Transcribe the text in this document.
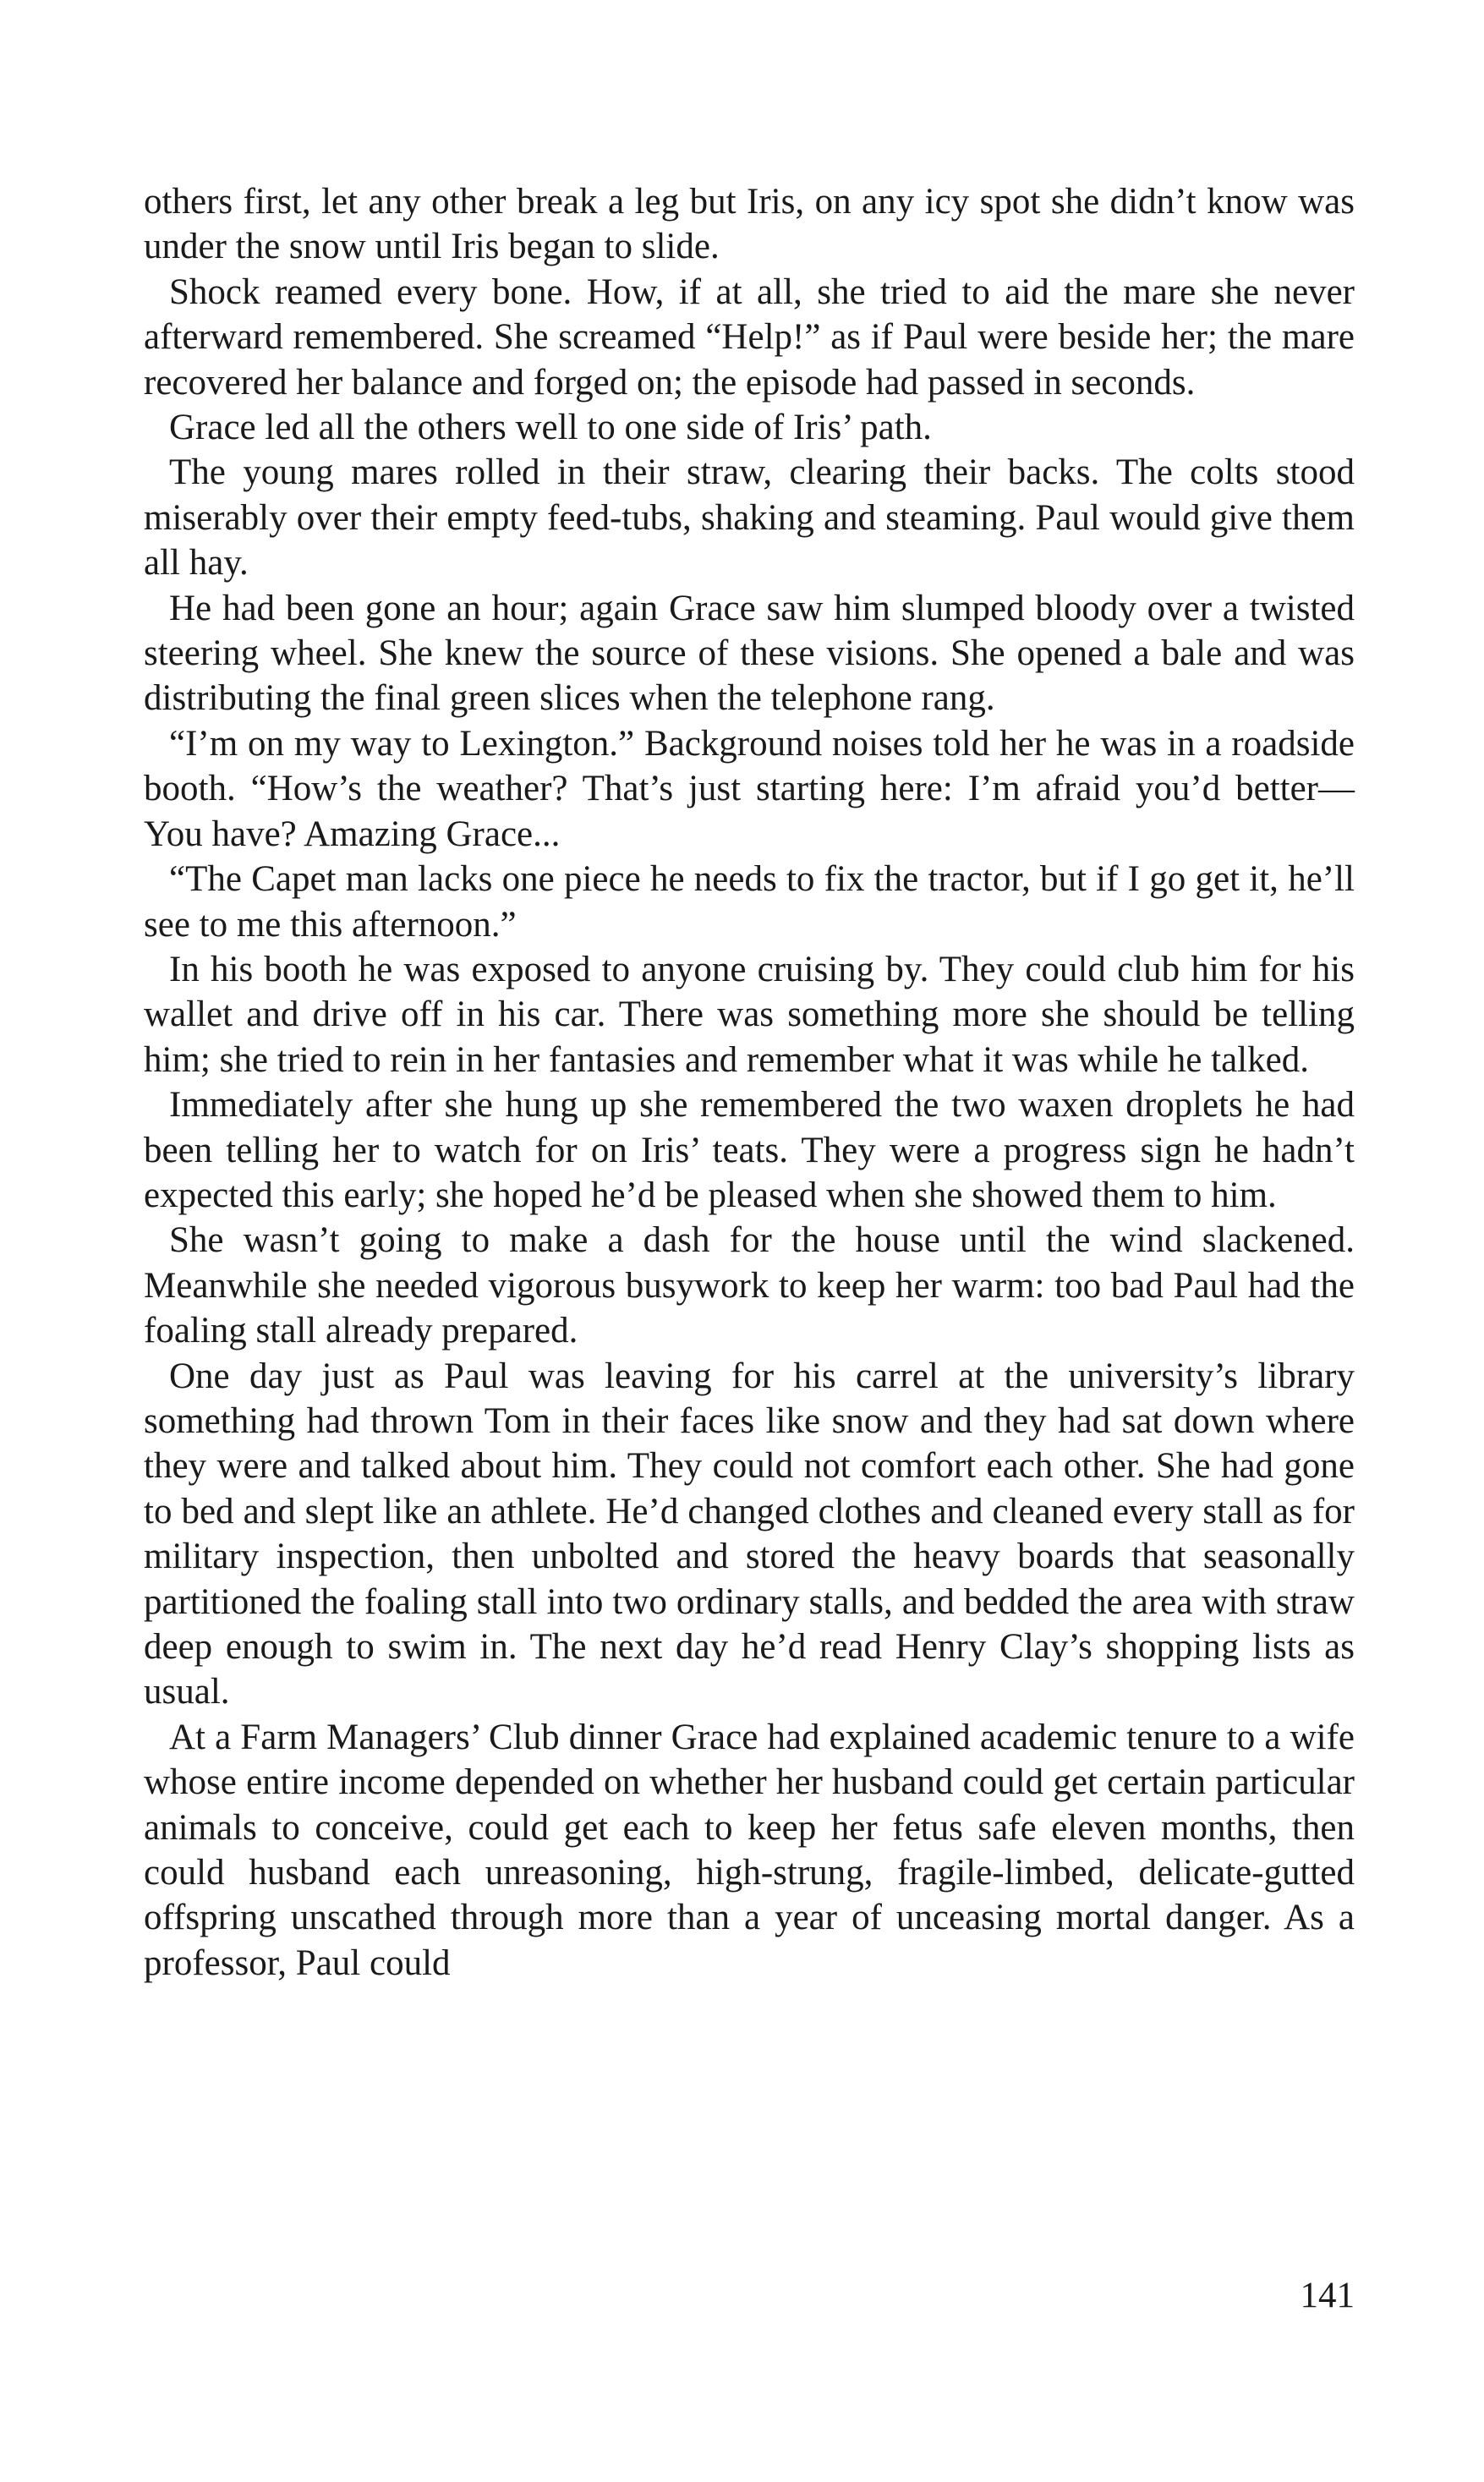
others first, let any other break a leg but Iris, on any icy spot she didn’t know was under the snow until Iris began to slide.

Shock reamed every bone. How, if at all, she tried to aid the mare she never afterward remembered. She screamed “Help!” as if Paul were beside her; the mare recovered her balance and forged on; the episode had passed in seconds.

Grace led all the others well to one side of Iris’ path.

The young mares rolled in their straw, clearing their backs. The colts stood miserably over their empty feed-tubs, shaking and steaming. Paul would give them all hay.

He had been gone an hour; again Grace saw him slumped bloody over a twisted steering wheel. She knew the source of these visions. She opened a bale and was distributing the final green slices when the telephone rang.

“I’m on my way to Lexington.” Background noises told her he was in a roadside booth. “How’s the weather? That’s just starting here: I’m afraid you’d better— You have? Amazing Grace...

“The Capet man lacks one piece he needs to fix the tractor, but if I go get it, he’ll see to me this afternoon.”

In his booth he was exposed to anyone cruising by. They could club him for his wallet and drive off in his car. There was something more she should be telling him; she tried to rein in her fantasies and remember what it was while he talked.

Immediately after she hung up she remembered the two waxen droplets he had been telling her to watch for on Iris’ teats. They were a progress sign he hadn’t expected this early; she hoped he’d be pleased when she showed them to him.

She wasn’t going to make a dash for the house until the wind slackened. Meanwhile she needed vigorous busywork to keep her warm: too bad Paul had the foaling stall already prepared.

One day just as Paul was leaving for his carrel at the university’s library something had thrown Tom in their faces like snow and they had sat down where they were and talked about him. They could not comfort each other. She had gone to bed and slept like an athlete. He’d changed clothes and cleaned every stall as for military inspection, then unbolted and stored the heavy boards that seasonally partitioned the foaling stall into two ordinary stalls, and bedded the area with straw deep enough to swim in. The next day he’d read Henry Clay’s shopping lists as usual.

At a Farm Managers’ Club dinner Grace had explained academic tenure to a wife whose entire income depended on whether her husband could get certain particular animals to conceive, could get each to keep her fetus safe eleven months, then could husband each unreasoning, high-strung, fragile-limbed, delicate-gutted offspring unscathed through more than a year of unceasing mortal danger. As a professor, Paul could

141
